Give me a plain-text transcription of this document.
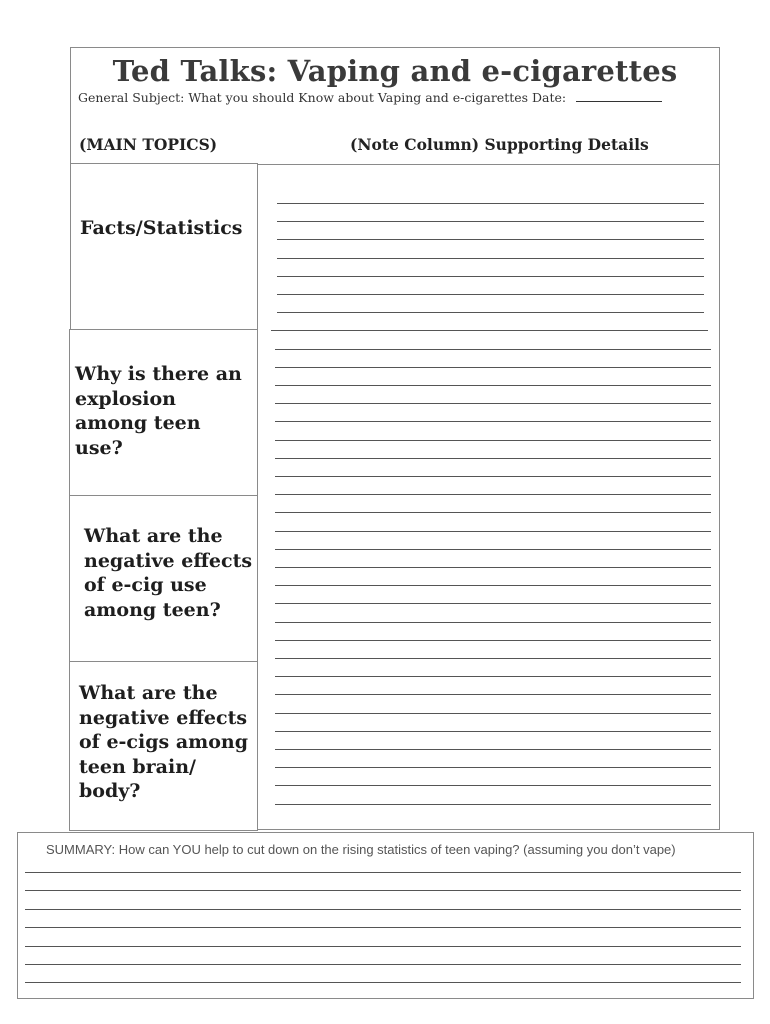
Ted Talks: Vaping and e-cigarettes
General Subject: What you should Know about Vaping and e-cigarettes Date:
(MAIN TOPICS)	(Note Column) Supporting Details
Facts/Statistics
Why is there an explosion among teen use?
What are the negative effects of e-cig use among teen?
What are the negative effects of e-cigs among teen brain/ body?
SUMMARY: How can YOU help to cut down on the rising statistics of teen vaping? (assuming you don’t vape)
